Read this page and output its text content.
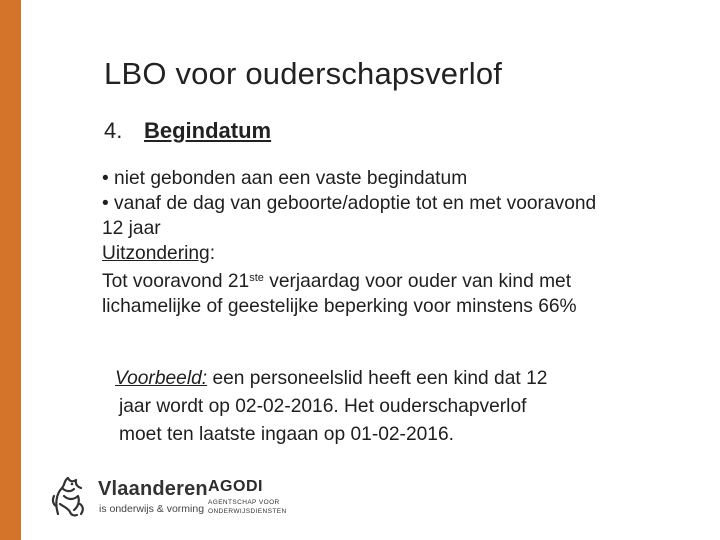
LBO voor ouderschapsverlof
4. Begindatum
• niet gebonden aan een vaste begindatum
• vanaf de dag van geboorte/adoptie tot en met vooravond
12 jaar
Uitzondering:
Tot vooravond 21ste verjaardag voor ouder van kind met
lichamelijke of geestelijke beperking voor minstens 66%
Voorbeeld: een personeelslid heeft een kind dat 12
jaar wordt op 02-02-2016. Het ouderschapverlof
moet ten laatste ingaan op 01-02-2016.
Vlaanderen
is onderwijs & vorming
AGODI
AGENTSCHAP VOOR
ONDERWIJSDIENSTEN
